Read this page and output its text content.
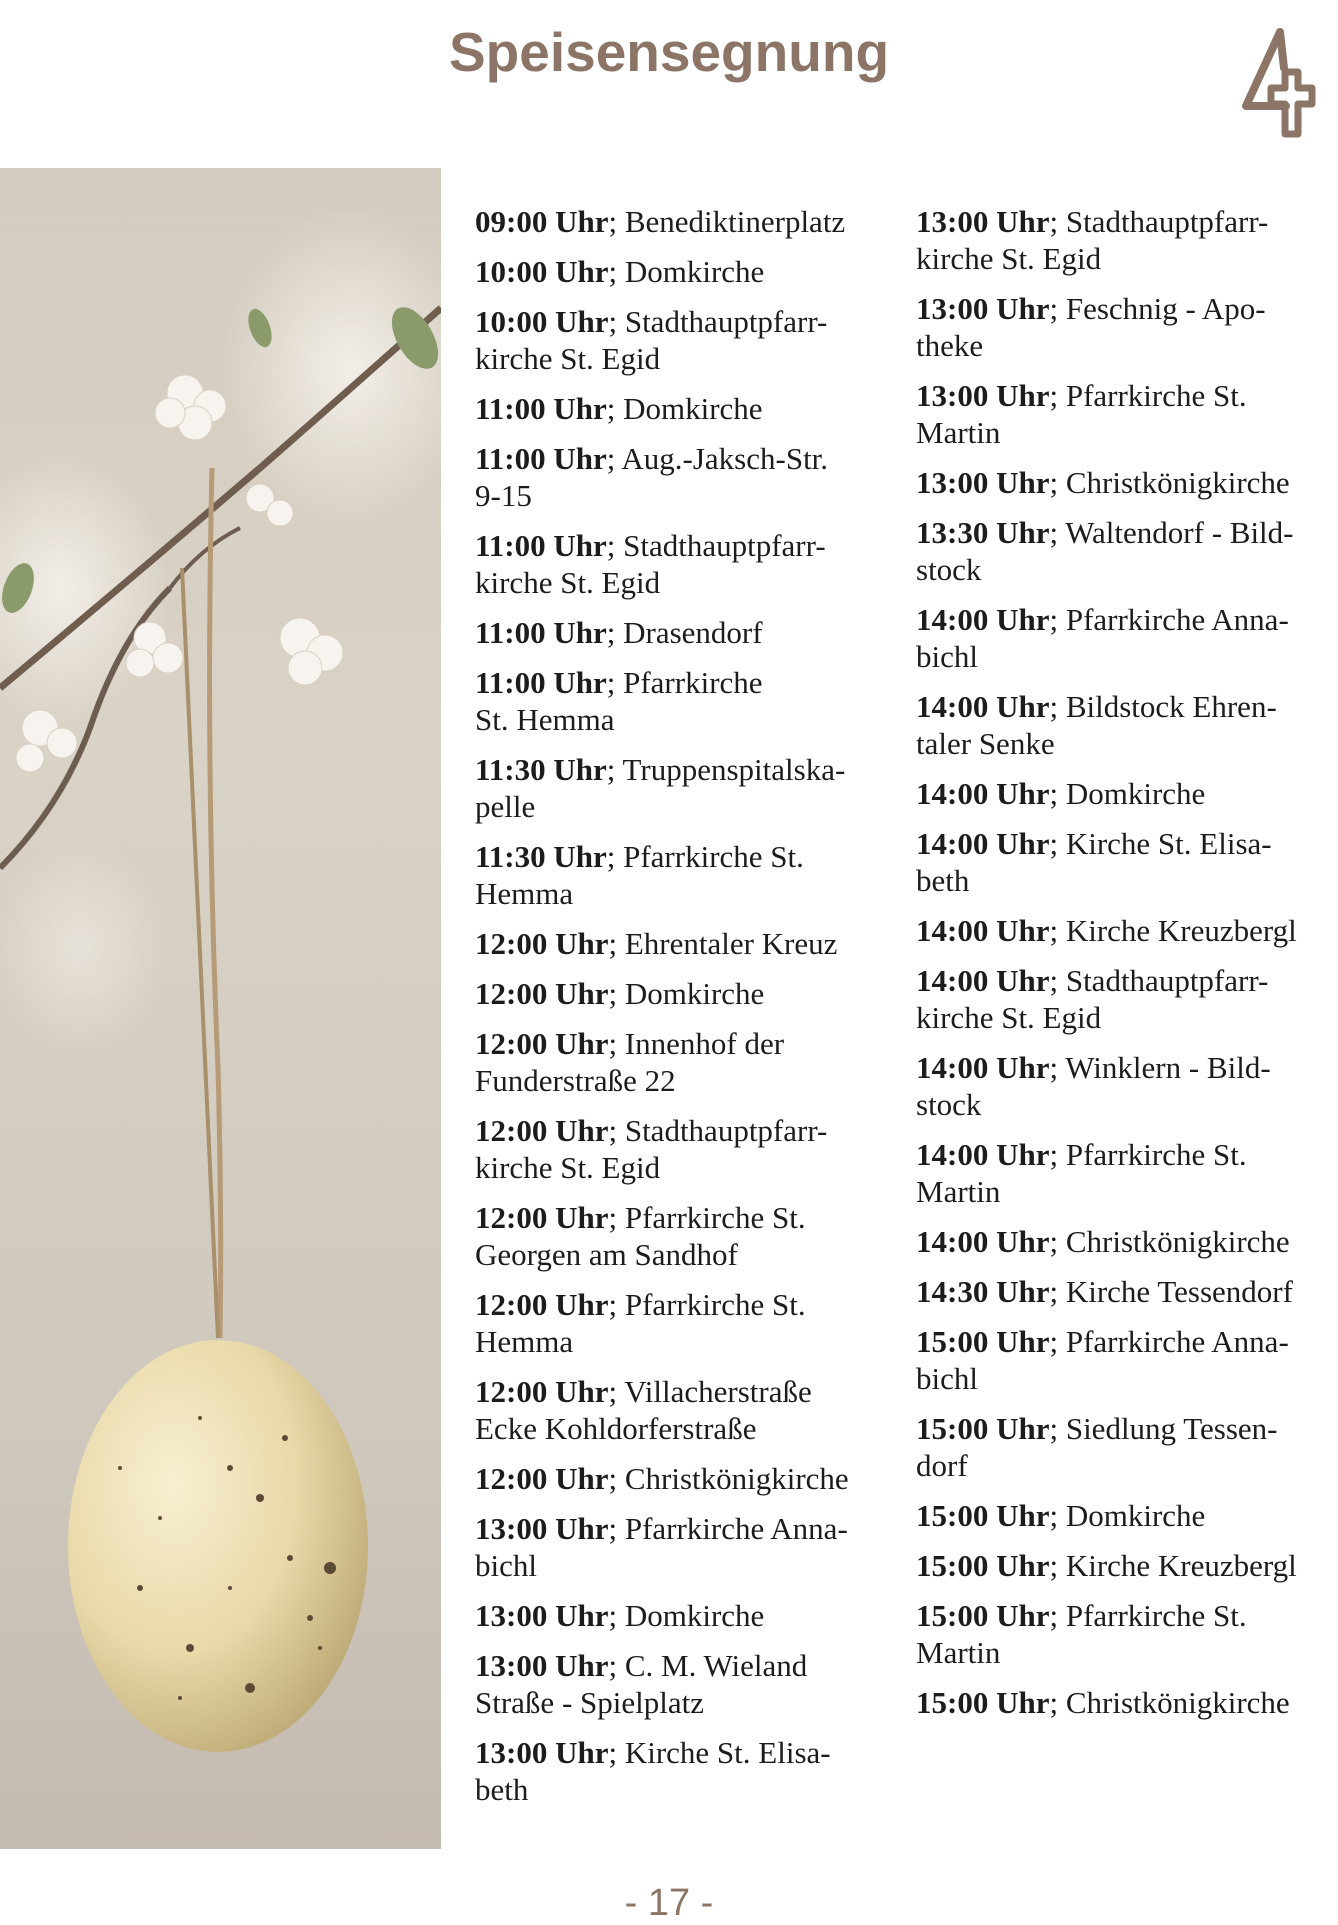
Speisensegnung
09:00 Uhr; Benediktinerplatz
10:00 Uhr; Domkirche
10:00 Uhr; Stadthauptpfarr-
kirche St. Egid
11:00 Uhr; Domkirche
11:00 Uhr; Aug.-Jaksch-Str.
9-15
11:00 Uhr; Stadthauptpfarr-
kirche St. Egid
11:00 Uhr; Drasendorf
11:00 Uhr; Pfarrkirche
St. Hemma
11:30 Uhr; Truppenspitalska-
pelle
11:30 Uhr; Pfarrkirche St.
Hemma
12:00 Uhr; Ehrentaler Kreuz
12:00 Uhr; Domkirche
12:00 Uhr; Innenhof der
Funderstraße 22
12:00 Uhr; Stadthauptpfarr-
kirche St. Egid
12:00 Uhr; Pfarrkirche St.
Georgen am Sandhof
12:00 Uhr; Pfarrkirche St.
Hemma
12:00 Uhr; Villacherstraße
Ecke Kohldorferstraße
12:00 Uhr; Christkönigkirche
13:00 Uhr; Pfarrkirche Anna-
bichl
13:00 Uhr; Domkirche
13:00 Uhr; C. M. Wieland
Straße - Spielplatz
13:00 Uhr; Kirche St. Elisa-
beth
13:00 Uhr; Stadthauptpfarr-
kirche St. Egid
13:00 Uhr; Feschnig - Apo-
theke
13:00 Uhr; Pfarrkirche St.
Martin
13:00 Uhr; Christkönigkirche
13:30 Uhr; Waltendorf - Bild-
stock
14:00 Uhr; Pfarrkirche Anna-
bichl
14:00 Uhr; Bildstock Ehren-
taler Senke
14:00 Uhr; Domkirche
14:00 Uhr; Kirche St. Elisa-
beth
14:00 Uhr; Kirche Kreuzbergl
14:00 Uhr; Stadthauptpfarr-
kirche St. Egid
14:00 Uhr; Winklern - Bild-
stock
14:00 Uhr; Pfarrkirche St.
Martin
14:00 Uhr; Christkönigkirche
14:30 Uhr; Kirche Tessendorf
15:00 Uhr; Pfarrkirche Anna-
bichl
15:00 Uhr; Siedlung Tessen-
dorf
15:00 Uhr; Domkirche
15:00 Uhr; Kirche Kreuzbergl
15:00 Uhr; Pfarrkirche St.
Martin
15:00 Uhr; Christkönigkirche
- 17 -
